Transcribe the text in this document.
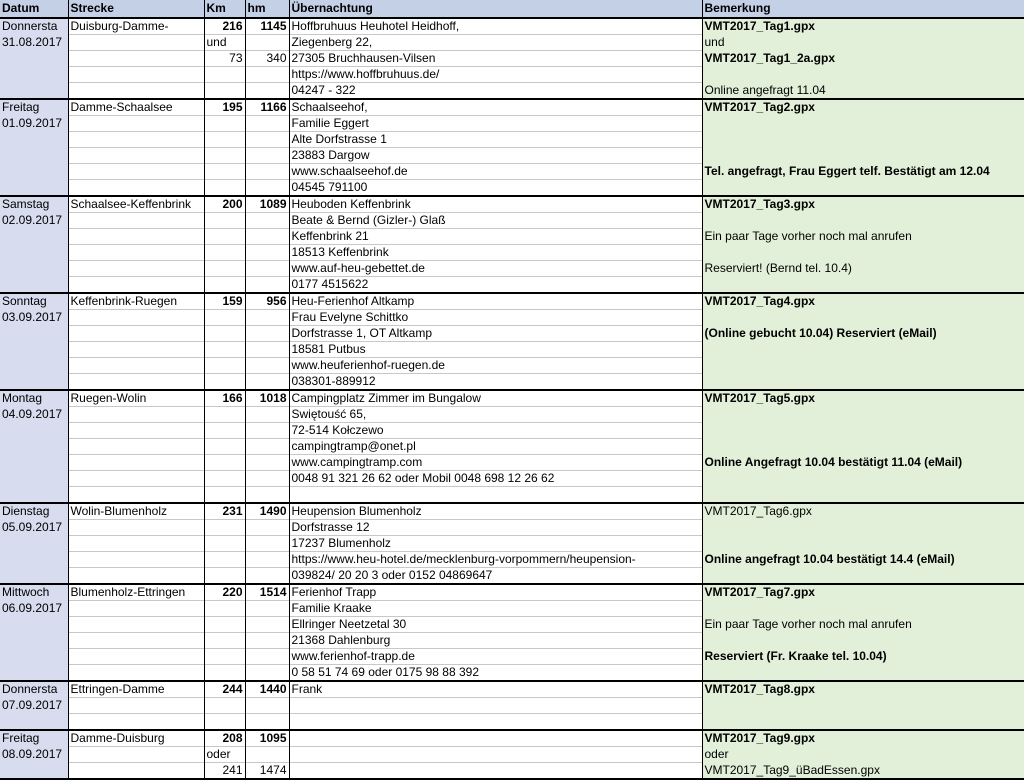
Datum	Strecke	Km	hm	Übernachtung	Bemerkung
Donnersta	Duisburg-Damme-	216	1145	Hoffbruhuus Heuhotel Heidhoff,	VMT2017_Tag1.gpx
31.08.2017		und		Ziegenberg 22,	und
		73	340	27305 Bruchhausen-Vilsen	VMT2017_Tag1_2a.gpx
				https://www.hoffbruhuus.de/	
				04247 - 322	Online angefragt 11.04
Freitag	Damme-Schaalsee	195	1166	Schaalseehof,	VMT2017_Tag2.gpx
01.09.2017				Familie Eggert	
				Alte Dorfstrasse 1	
				23883 Dargow	
				www.schaalseehof.de	Tel. angefragt, Frau Eggert telf. Bestätigt am 12.04
				04545 791100	
Samstag	Schaalsee-Keffenbrink	200	1089	Heuboden Keffenbrink	VMT2017_Tag3.gpx
02.09.2017				Beate & Bernd (Gizler-) Glaß	
				Keffenbrink 21	Ein paar Tage vorher noch mal anrufen
				18513 Keffenbrink	
				www.auf-heu-gebettet.de	Reserviert! (Bernd tel. 10.4)
				0177 4515622	
Sonntag	Keffenbrink-Ruegen	159	956	Heu-Ferienhof Altkamp	VMT2017_Tag4.gpx
03.09.2017				Frau Evelyne Schittko	
				Dorfstrasse 1, OT Altkamp	(Online gebucht 10.04) Reserviert (eMail)
				18581 Putbus	
				www.heuferienhof-ruegen.de	
				038301-889912	
Montag	Ruegen-Wolin	166	1018	Campingplatz Zimmer im Bungalow	VMT2017_Tag5.gpx
04.09.2017				Swiętouść 65,	
				72-514 Kołczewo	
				campingtramp@onet.pl	
				www.campingtramp.com	Online Angefragt 10.04 bestätigt 11.04 (eMail)
				0048 91 321 26 62 oder Mobil 0048 698 12 26 62	

Dienstag	Wolin-Blumenholz	231	1490	Heupension Blumenholz	VMT2017_Tag6.gpx
05.09.2017				Dorfstrasse 12	
				17237 Blumenholz	
				https://www.heu-hotel.de/mecklenburg-vorpommern/heupension-	Online angefragt 10.04 bestätigt 14.4 (eMail)
				039824/ 20 20 3 oder 0152 04869647	
Mittwoch	Blumenholz-Ettringen	220	1514	Ferienhof Trapp	VMT2017_Tag7.gpx
06.09.2017				Familie Kraake	
				Ellringer Neetzetal 30	Ein paar Tage vorher noch mal anrufen
				21368 Dahlenburg	
				www.ferienhof-trapp.de	Reserviert (Fr. Kraake tel. 10.04)
				0 58 51 74 69 oder 0175 98 88 392	
Donnersta	Ettringen-Damme	244	1440	Frank	VMT2017_Tag8.gpx
07.09.2017					

Freitag	Damme-Duisburg	208	1095		VMT2017_Tag9.gpx
08.09.2017		oder			oder
		241	1474		VMT2017_Tag9_üBadEssen.gpx
